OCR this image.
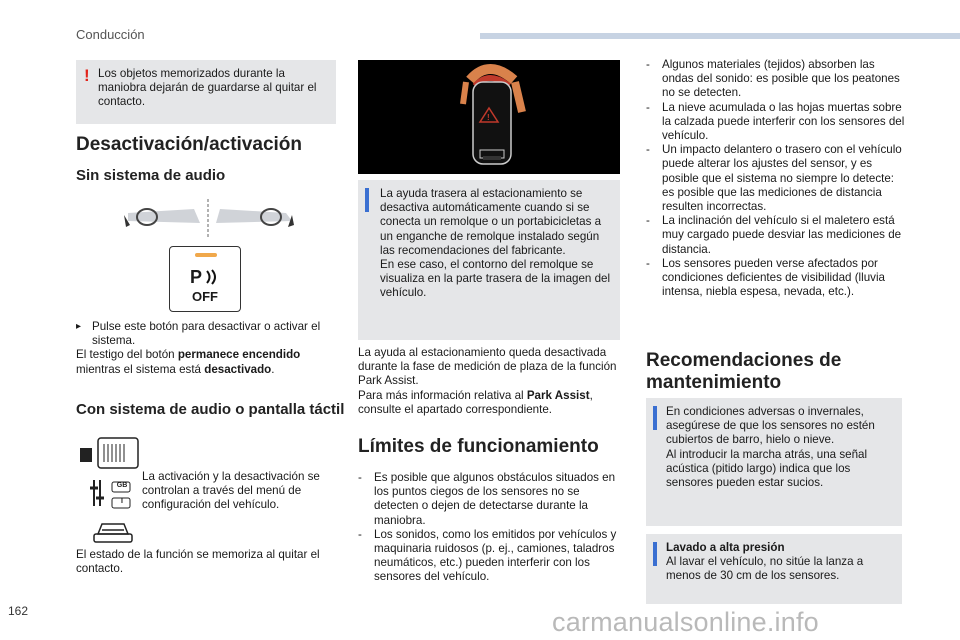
Conducción
! Los objetos memorizados durante la maniobra dejarán de guardarse al quitar el contacto.
Desactivación/activación
Sin sistema de audio
P
OFF
▸ Pulse este botón para desactivar o activar el sistema.
El testigo del botón permanece encendido
mientras el sistema está desactivado.
Con sistema de audio o pantalla táctil
GB
I
La activación y la desactivación se controlan a través del menú de configuración del vehículo.
El estado de la función se memoriza al quitar el contacto.
!
La ayuda trasera al estacionamiento se desactiva automáticamente cuando si se conecta un remolque o un portabicicletas a un enganche de remolque instalado según las recomendaciones del fabricante.
En ese caso, el contorno del remolque se visualiza en la parte trasera de la imagen del vehículo.
La ayuda al estacionamiento queda desactivada durante la fase de medición de plaza de la función Park Assist.
Para más información relativa al Park Assist,
consulte el apartado correspondiente.
Límites de funcionamiento
- Es posible que algunos obstáculos situados en los puntos ciegos de los sensores no se detecten o dejen de detectarse durante la maniobra.
- Los sonidos, como los emitidos por vehículos y maquinaria ruidosos (p. ej., camiones, taladros neumáticos, etc.) pueden interferir con los sensores del vehículo.
- Algunos materiales (tejidos) absorben las ondas del sonido: es posible que los peatones no se detecten.
- La nieve acumulada o las hojas muertas sobre la calzada puede interferir con los sensores del vehículo.
- Un impacto delantero o trasero con el vehículo puede alterar los ajustes del sensor, y es posible que el sistema no siempre lo detecte: es posible que las mediciones de distancia resulten incorrectas.
- La inclinación del vehículo si el maletero está muy cargado puede desviar las mediciones de distancia.
- Los sensores pueden verse afectados por condiciones deficientes de visibilidad (lluvia intensa, niebla espesa, nevada, etc.).
Recomendaciones de mantenimiento
En condiciones adversas o invernales, asegúrese de que los sensores no estén cubiertos de barro, hielo o nieve.
Al introducir la marcha atrás, una señal acústica (pitido largo) indica que los sensores pueden estar sucios.
Lavado a alta presión
Al lavar el vehículo, no sitúe la lanza a menos de 30 cm de los sensores.
162	carmanualsonline.info
